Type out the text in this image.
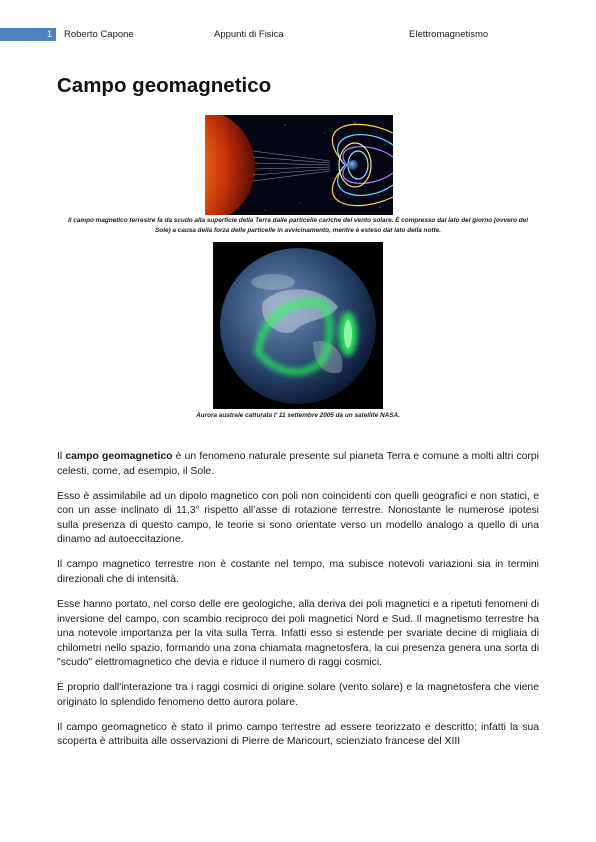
1 Roberto Capone	Appunti di Fisica	Elettromagnetismo
Campo geomagnetico
Il campo magnetico terrestre fa da scudo alla superficie della Terra dalle particelle cariche del vento solare. È compresso dal lato del giorno (ovvero del Sole) a causa della forza delle particelle in avvicinamento, mentre è esteso dal lato della notte.
Aurora australe catturata l' 11 settembre 2005 da un satellite NASA.

Il campo geomagnetico è un fenomeno naturale presente sul pianeta Terra e comune a molti altri corpi celesti, come, ad esempio, il Sole.

Esso è assimilabile ad un dipolo magnetico con poli non coincidenti con quelli geografici e non statici, e con un asse inclinato di 11,3° rispetto all’asse di rotazione terrestre. Nonostante le numerose ipotesi sulla presenza di questo campo, le teorie si sono orientate verso un modello analogo a quello di una dinamo ad autoeccitazione.

Il campo magnetico terrestre non è costante nel tempo, ma subisce notevoli variazioni sia in termini direzionali che di intensità.

Esse hanno portato, nel corso delle ere geologiche, alla deriva dei poli magnetici e a ripetuti fenomeni di inversione del campo, con scambio reciproco dei poli magnetici Nord e Sud. Il magnetismo terrestre ha una notevole importanza per la vita sulla Terra. Infatti esso si estende per svariate decine di migliaia di chilometri nello spazio, formando una zona chiamata magnetosfera, la cui presenza genera una sorta di "scudo" elettromagnetico che devia e riduce il numero di raggi cosmici.

È proprio dall'interazione tra i raggi cosmici di origine solare (vento solare) e la magnetosfera che viene originato lo splendido fenomeno detto aurora polare.

Il campo geomagnetico è stato il primo campo terrestre ad essere teorizzato e descritto; infatti la sua scoperta è attribuita alle osservazioni di Pierre de Maricourt, scienziato francese del XIII
